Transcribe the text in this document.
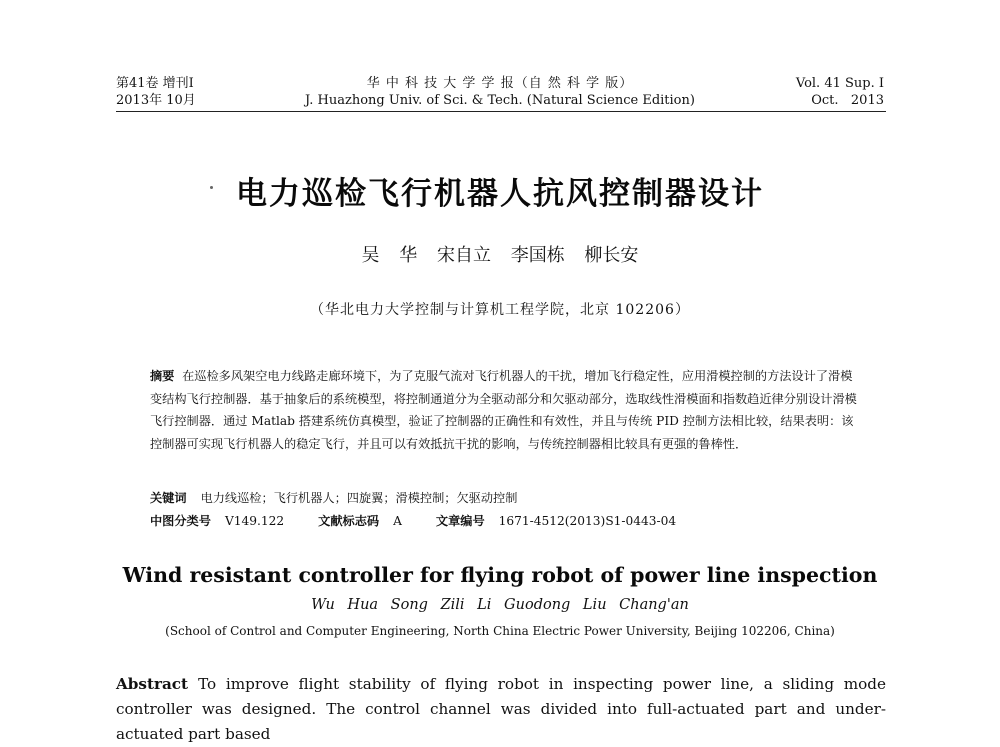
第41卷 增刊Ⅰ
2013年 10月
华 中 科 技 大 学 学 报（自 然 科 学 版）
J. Huazhong Univ. of Sci. & Tech. (Natural Science Edition)
Vol. 41 Sup. Ⅰ
Oct.   2013
电力巡检飞行机器人抗风控制器设计
吴 华 宋自立 李国栋 柳长安
（华北电力大学控制与计算机工程学院，北京 102206）
摘要 在巡检多风架空电力线路走廊环境下，为了克服气流对飞行机器人的干扰，增加飞行稳定性，应用滑模控制的方法设计了滑模变结构飞行控制器．基于抽象后的系统模型，将控制通道分为全驱动部分和欠驱动部分，选取线性滑模面和指数趋近律分别设计滑模飞行控制器．通过 Matlab 搭建系统仿真模型，验证了控制器的正确性和有效性，并且与传统 PID 控制方法相比较，结果表明：该控制器可实现飞行机器人的稳定飞行，并且可以有效抵抗干扰的影响，与传统控制器相比较具有更强的鲁棒性．
关键词 电力线巡检；飞行机器人；四旋翼；滑模控制；欠驱动控制
中图分类号 V149.122	文献标志码 A	文章编号 1671-4512(2013)S1-0443-04
Wind resistant controller for flying robot of power line inspection
Wu Hua Song Zili Li Guodong Liu Chang'an
(School of Control and Computer Engineering, North China Electric Power University, Beijing 102206, China)
Abstract To improve flight stability of flying robot in inspecting power line, a sliding mode controller was designed. The control channel was divided into full-actuated part and under-actuated part based
